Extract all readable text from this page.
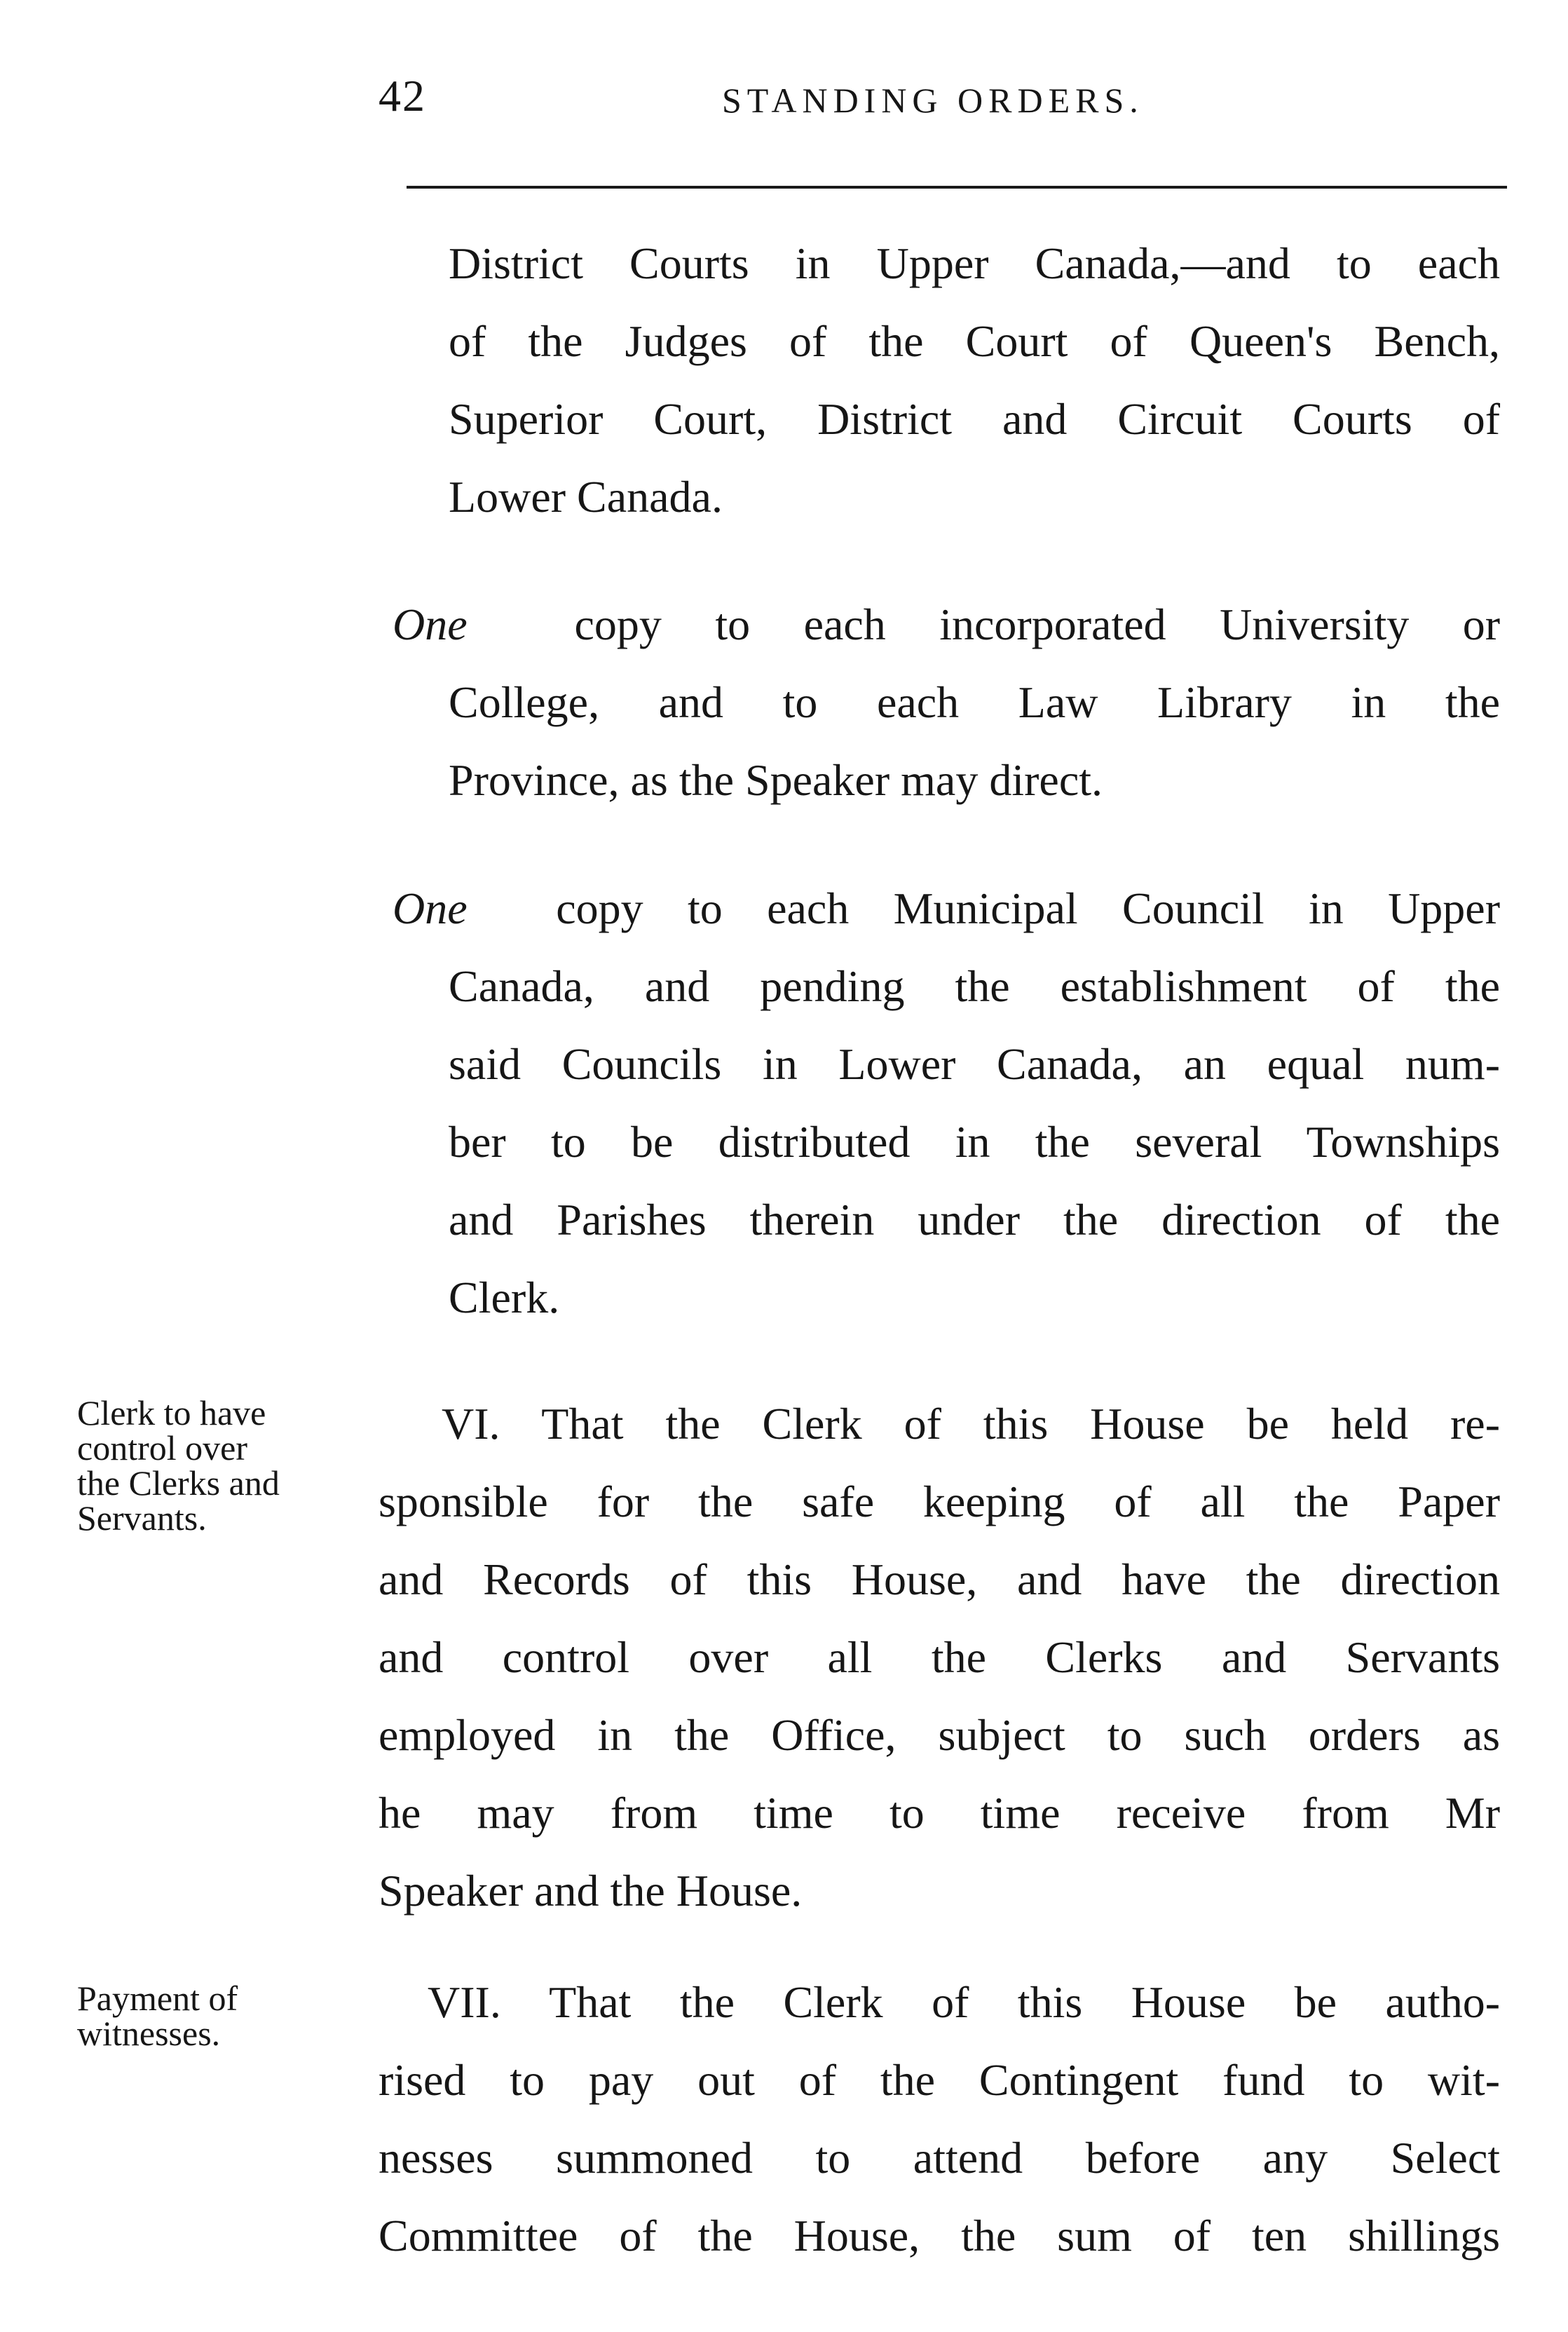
42	STANDING ORDERS.

District Courts in Upper Canada,—and to each
of the Judges of the Court of Queen's Bench,
Superior Court, District and Circuit Courts of
Lower Canada.

One copy to each incorporated University or
College, and to each Law Library in the
Province, as the Speaker may direct.
One copy to each Municipal Council in Upper
Canada, and pending the establishment of the
said Councils in Lower Canada, an equal num-
ber to be distributed in the several Townships
and Parishes therein under the direction of the
Clerk.
Clerk to have
control over
the Clerks and
Servants.
VI. That the Clerk of this House be held re-
sponsible for the safe keeping of all the Paper
and Records of this House, and have the direction
and control over all the Clerks and Servants
employed in the Office, subject to such orders as
he may from time to time receive from Mr
Speaker and the House.
Payment of
witnesses.
VII. That the Clerk of this House be autho-
rised to pay out of the Contingent fund to wit-
nesses summoned to attend before any Select
Committee of the House, the sum of ten shillings
